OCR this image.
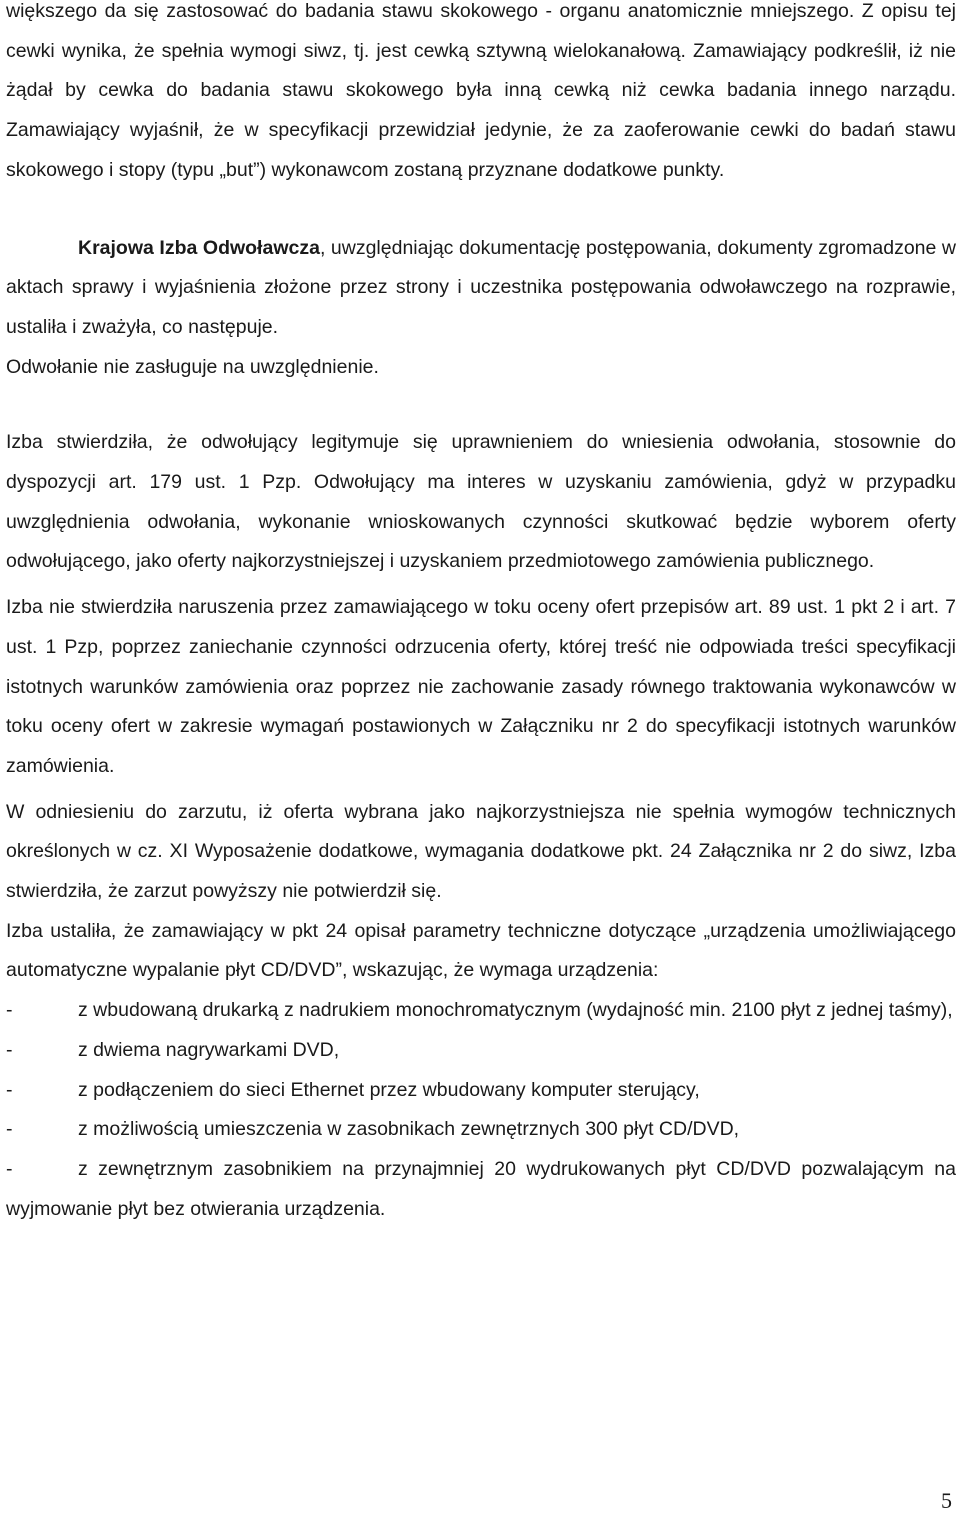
większego da się zastosować do badania stawu skokowego - organu anatomicznie mniejszego. Z opisu tej cewki wynika, że spełnia wymogi siwz, tj. jest cewką sztywną wielokanałową. Zamawiający podkreślił, iż nie żądał by cewka do badania stawu skokowego była inną cewką niż cewka badania innego narządu. Zamawiający wyjaśnił, że w specyfikacji przewidział jedynie, że za zaoferowanie cewki do badań stawu skokowego i stopy (typu „but”) wykonawcom zostaną przyznane dodatkowe punkty.

Krajowa Izba Odwoławcza, uwzględniając dokumentację postępowania, dokumenty zgromadzone w aktach sprawy i wyjaśnienia złożone przez strony i uczestnika postępowania odwoławczego na rozprawie, ustaliła i zważyła, co następuje.

Odwołanie nie zasługuje na uwzględnienie.

Izba stwierdziła, że odwołujący legitymuje się uprawnieniem do wniesienia odwołania, stosownie do dyspozycji art. 179 ust. 1 Pzp. Odwołujący ma interes w uzyskaniu zamówienia, gdyż w przypadku uwzględnienia odwołania, wykonanie wnioskowanych czynności skutkować będzie wyborem oferty odwołującego, jako oferty najkorzystniejszej i uzyskaniem przedmiotowego zamówienia publicznego.

Izba nie stwierdziła naruszenia przez zamawiającego w toku oceny ofert przepisów art. 89 ust. 1 pkt 2 i art. 7 ust. 1 Pzp, poprzez zaniechanie czynności odrzucenia oferty, której treść nie odpowiada treści specyfikacji istotnych warunków zamówienia oraz poprzez nie zachowanie zasady równego traktowania wykonawców w toku oceny ofert w zakresie wymagań postawionych w Załączniku nr 2 do specyfikacji istotnych warunków zamówienia.

W odniesieniu do zarzutu, iż oferta wybrana jako najkorzystniejsza nie spełnia wymogów technicznych określonych w cz. XI Wyposażenie dodatkowe, wymagania dodatkowe pkt. 24 Załącznika nr 2 do siwz, Izba stwierdziła, że zarzut powyższy nie potwierdził się.

Izba ustaliła, że zamawiający w pkt 24 opisał parametry techniczne dotyczące „urządzenia umożliwiającego automatyczne wypalanie płyt CD/DVD”, wskazując, że wymaga urządzenia:

-	z wbudowaną drukarką z nadrukiem monochromatycznym (wydajność min. 2100 płyt z jednej taśmy),

-	z dwiema nagrywarkami DVD,

-	z podłączeniem do sieci Ethernet przez wbudowany komputer sterujący,

-	z możliwością umieszczenia w zasobnikach zewnętrznych 300 płyt CD/DVD,

-	z zewnętrznym zasobnikiem na przynajmniej 20 wydrukowanych płyt CD/DVD pozwalającym na wyjmowanie płyt bez otwierania urządzenia.

5
